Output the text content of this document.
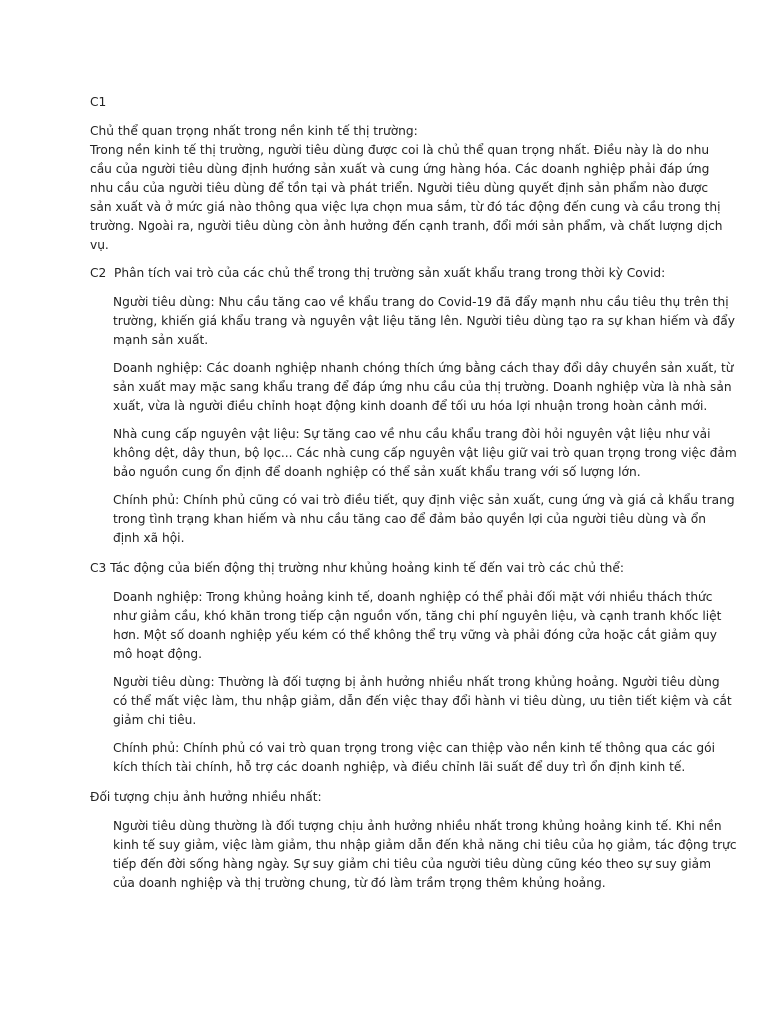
C1
Chủ thể quan trọng nhất trong nền kinh tế thị trường:
Trong nền kinh tế thị trường, người tiêu dùng được coi là chủ thể quan trọng nhất. Điều này là do nhu
cầu của người tiêu dùng định hướng sản xuất và cung ứng hàng hóa. Các doanh nghiệp phải đáp ứng
nhu cầu của người tiêu dùng để tồn tại và phát triển. Người tiêu dùng quyết định sản phẩm nào được
sản xuất và ở mức giá nào thông qua việc lựa chọn mua sắm, từ đó tác động đến cung và cầu trong thị
trường. Ngoài ra, người tiêu dùng còn ảnh hưởng đến cạnh tranh, đổi mới sản phẩm, và chất lượng dịch
vụ.
C2  Phân tích vai trò của các chủ thể trong thị trường sản xuất khẩu trang trong thời kỳ Covid:
Người tiêu dùng: Nhu cầu tăng cao về khẩu trang do Covid-19 đã đẩy mạnh nhu cầu tiêu thụ trên thị
trường, khiến giá khẩu trang và nguyên vật liệu tăng lên. Người tiêu dùng tạo ra sự khan hiếm và đẩy
mạnh sản xuất.
Doanh nghiệp: Các doanh nghiệp nhanh chóng thích ứng bằng cách thay đổi dây chuyền sản xuất, từ
sản xuất may mặc sang khẩu trang để đáp ứng nhu cầu của thị trường. Doanh nghiệp vừa là nhà sản
xuất, vừa là người điều chỉnh hoạt động kinh doanh để tối ưu hóa lợi nhuận trong hoàn cảnh mới.
Nhà cung cấp nguyên vật liệu: Sự tăng cao về nhu cầu khẩu trang đòi hỏi nguyên vật liệu như vải
không dệt, dây thun, bộ lọc... Các nhà cung cấp nguyên vật liệu giữ vai trò quan trọng trong việc đảm
bảo nguồn cung ổn định để doanh nghiệp có thể sản xuất khẩu trang với số lượng lớn.
Chính phủ: Chính phủ cũng có vai trò điều tiết, quy định việc sản xuất, cung ứng và giá cả khẩu trang
trong tình trạng khan hiếm và nhu cầu tăng cao để đảm bảo quyền lợi của người tiêu dùng và ổn
định xã hội.
C3 Tác động của biến động thị trường như khủng hoảng kinh tế đến vai trò các chủ thể:
Doanh nghiệp: Trong khủng hoảng kinh tế, doanh nghiệp có thể phải đối mặt với nhiều thách thức
như giảm cầu, khó khăn trong tiếp cận nguồn vốn, tăng chi phí nguyên liệu, và cạnh tranh khốc liệt
hơn. Một số doanh nghiệp yếu kém có thể không thể trụ vững và phải đóng cửa hoặc cắt giảm quy
mô hoạt động.
Người tiêu dùng: Thường là đối tượng bị ảnh hưởng nhiều nhất trong khủng hoảng. Người tiêu dùng
có thể mất việc làm, thu nhập giảm, dẫn đến việc thay đổi hành vi tiêu dùng, ưu tiên tiết kiệm và cắt
giảm chi tiêu.
Chính phủ: Chính phủ có vai trò quan trọng trong việc can thiệp vào nền kinh tế thông qua các gói
kích thích tài chính, hỗ trợ các doanh nghiệp, và điều chỉnh lãi suất để duy trì ổn định kinh tế.
Đối tượng chịu ảnh hưởng nhiều nhất:
Người tiêu dùng thường là đối tượng chịu ảnh hưởng nhiều nhất trong khủng hoảng kinh tế. Khi nền
kinh tế suy giảm, việc làm giảm, thu nhập giảm dẫn đến khả năng chi tiêu của họ giảm, tác động trực
tiếp đến đời sống hàng ngày. Sự suy giảm chi tiêu của người tiêu dùng cũng kéo theo sự suy giảm
của doanh nghiệp và thị trường chung, từ đó làm trầm trọng thêm khủng hoảng.
